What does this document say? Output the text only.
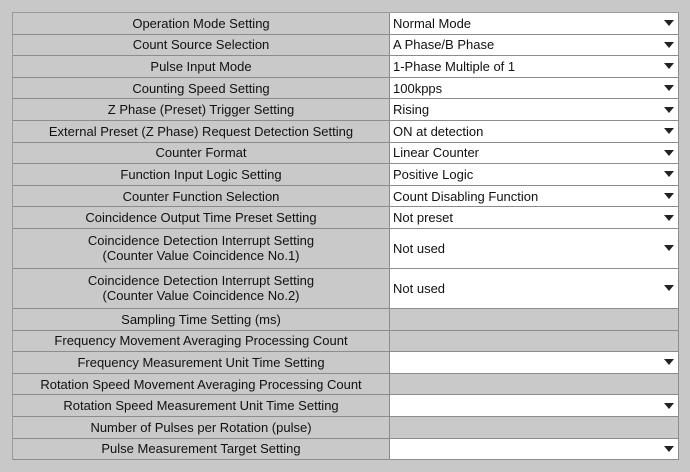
Operation Mode Setting	Normal Mode
Count Source Selection	A Phase/B Phase
Pulse Input Mode	1-Phase Multiple of 1
Counting Speed Setting	100kpps
Z Phase (Preset) Trigger Setting	Rising
External Preset (Z Phase) Request Detection Setting	ON at detection
Counter Format	Linear Counter
Function Input Logic Setting	Positive Logic
Counter Function Selection	Count Disabling Function
Coincidence Output Time Preset Setting	Not preset
Coincidence Detection Interrupt Setting
(Counter Value Coincidence No.1)	Not used
Coincidence Detection Interrupt Setting
(Counter Value Coincidence No.2)	Not used
Sampling Time Setting (ms)
Frequency Movement Averaging Processing Count
Frequency Measurement Unit Time Setting
Rotation Speed Movement Averaging Processing Count
Rotation Speed Measurement Unit Time Setting
Number of Pulses per Rotation (pulse)
Pulse Measurement Target Setting
